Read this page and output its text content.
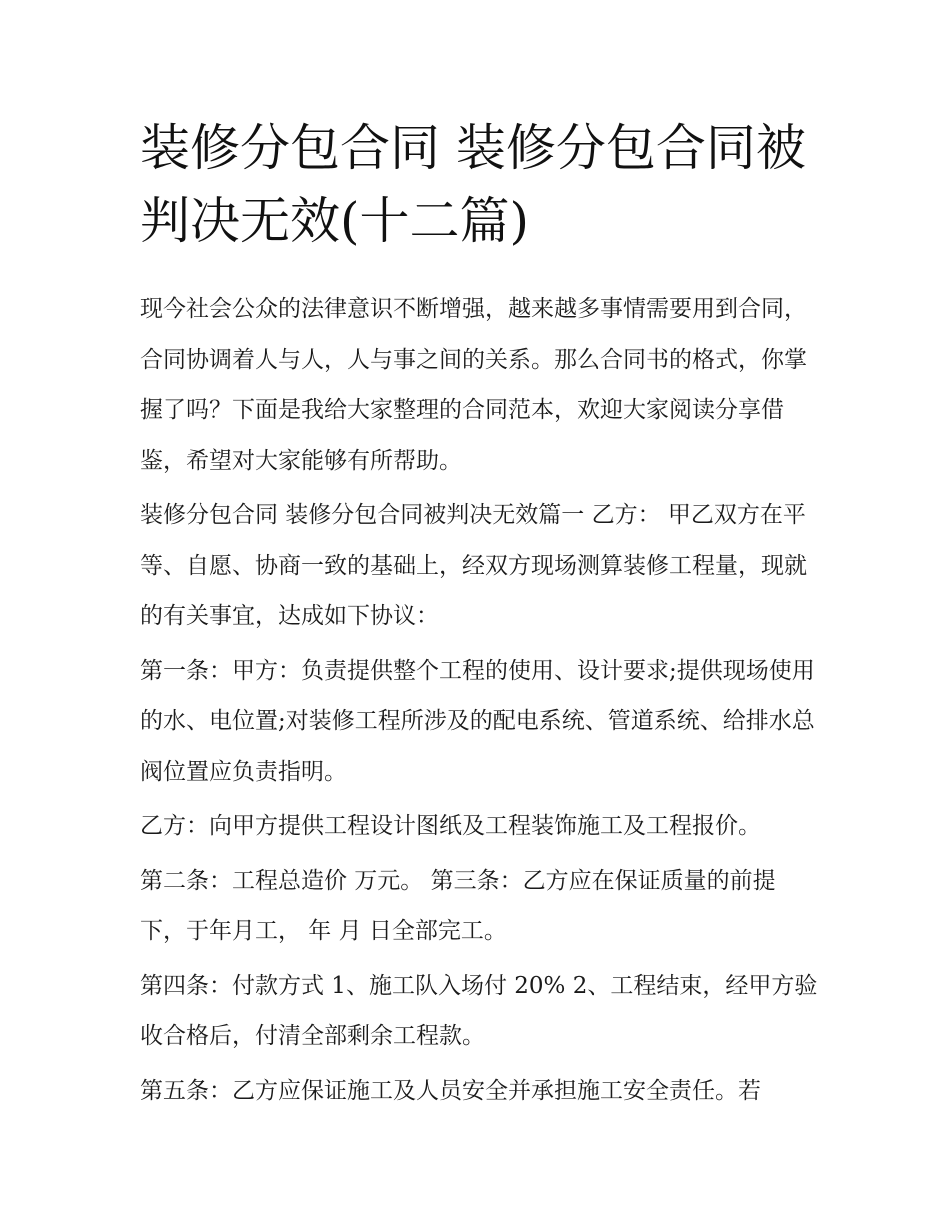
装修分包合同 装修分包合同被判决无效(十二篇)

现今社会公众的法律意识不断增强，越来越多事情需要用到合同，合同协调着人与人，人与事之间的关系。那么合同书的格式，你掌握了吗？下面是我给大家整理的合同范本，欢迎大家阅读分享借鉴，希望对大家能够有所帮助。

装修分包合同 装修分包合同被判决无效篇一 乙方： 甲乙双方在平等、自愿、协商一致的基础上，经双方现场测算装修工程量，现就 的有关事宜，达成如下协议：

第一条：甲方：负责提供整个工程的使用、设计要求;提供现场使用的水、电位置;对装修工程所涉及的配电系统、管道系统、给排水总阀位置应负责指明。

乙方：向甲方提供工程设计图纸及工程装饰施工及工程报价。

第二条：工程总造价 万元。 第三条：乙方应在保证质量的前提下，于年月工， 年 月 日全部完工。

第四条：付款方式 1、施工队入场付 20% 2、工程结束，经甲方验收合格后，付清全部剩余工程款。

第五条：乙方应保证施工及人员安全并承担施工安全责任。若
